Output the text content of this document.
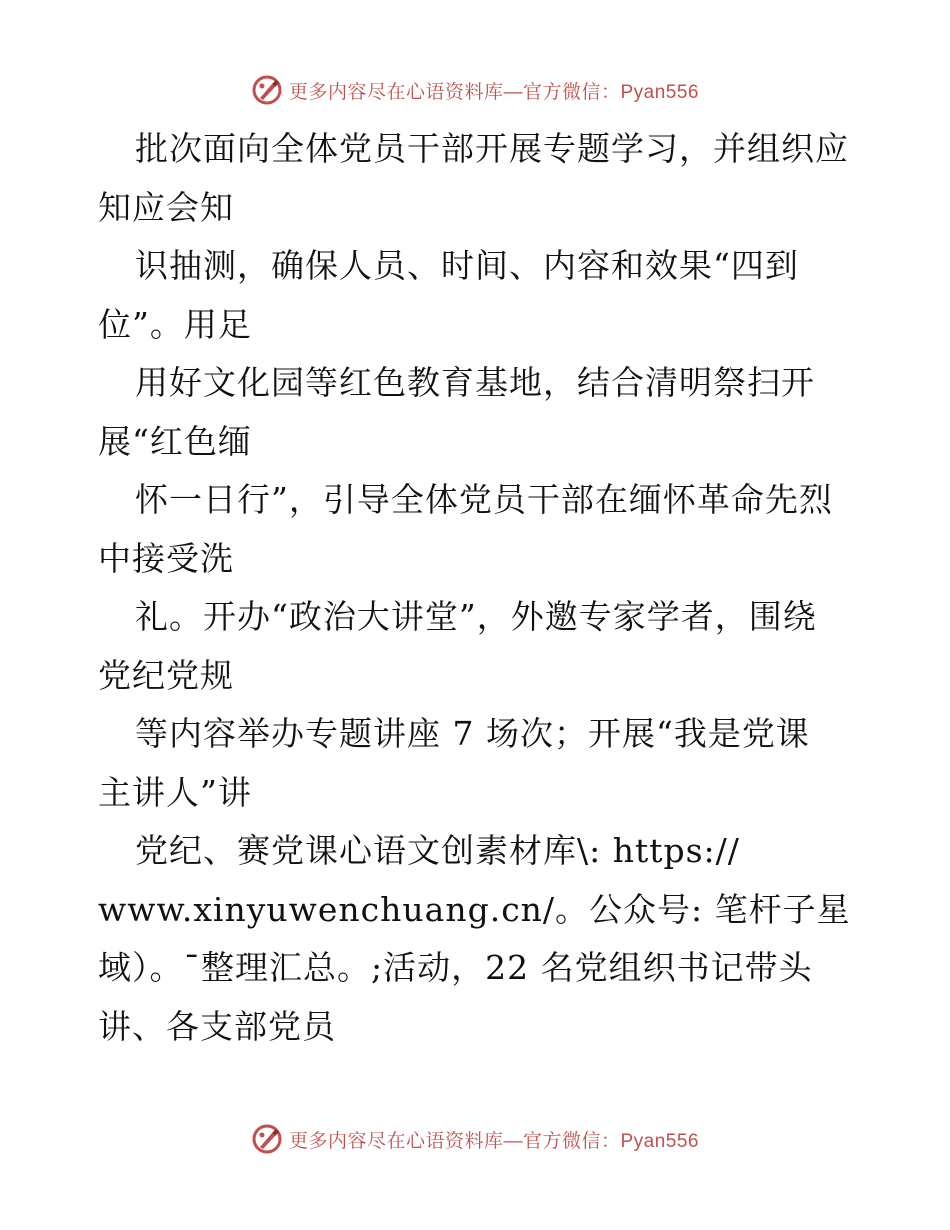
更多内容尽在心语资料库—官方微信：Pyan556
批次面向全体党员干部开展专题学习，并组织应
知应会知
识抽测，确保人员、时间、内容和效果“四到
位”。用足
用好文化园等红色教育基地，结合清明祭扫开
展“红色缅
怀一日行”，引导全体党员干部在缅怀革命先烈
中接受洗
礼。开办“政治大讲堂”，外邀专家学者，围绕
党纪党规
等内容举办专题讲座 7 场次；开展“我是党课
主讲人”讲
党纪、赛党课心语文创素材库\: https://
www.xinyuwenchuang.cn/。公众号: 笔杆子星
域）。¯整理汇总。;活动，22 名党组织书记带头
讲、各支部党员
更多内容尽在心语资料库—官方微信：Pyan556
